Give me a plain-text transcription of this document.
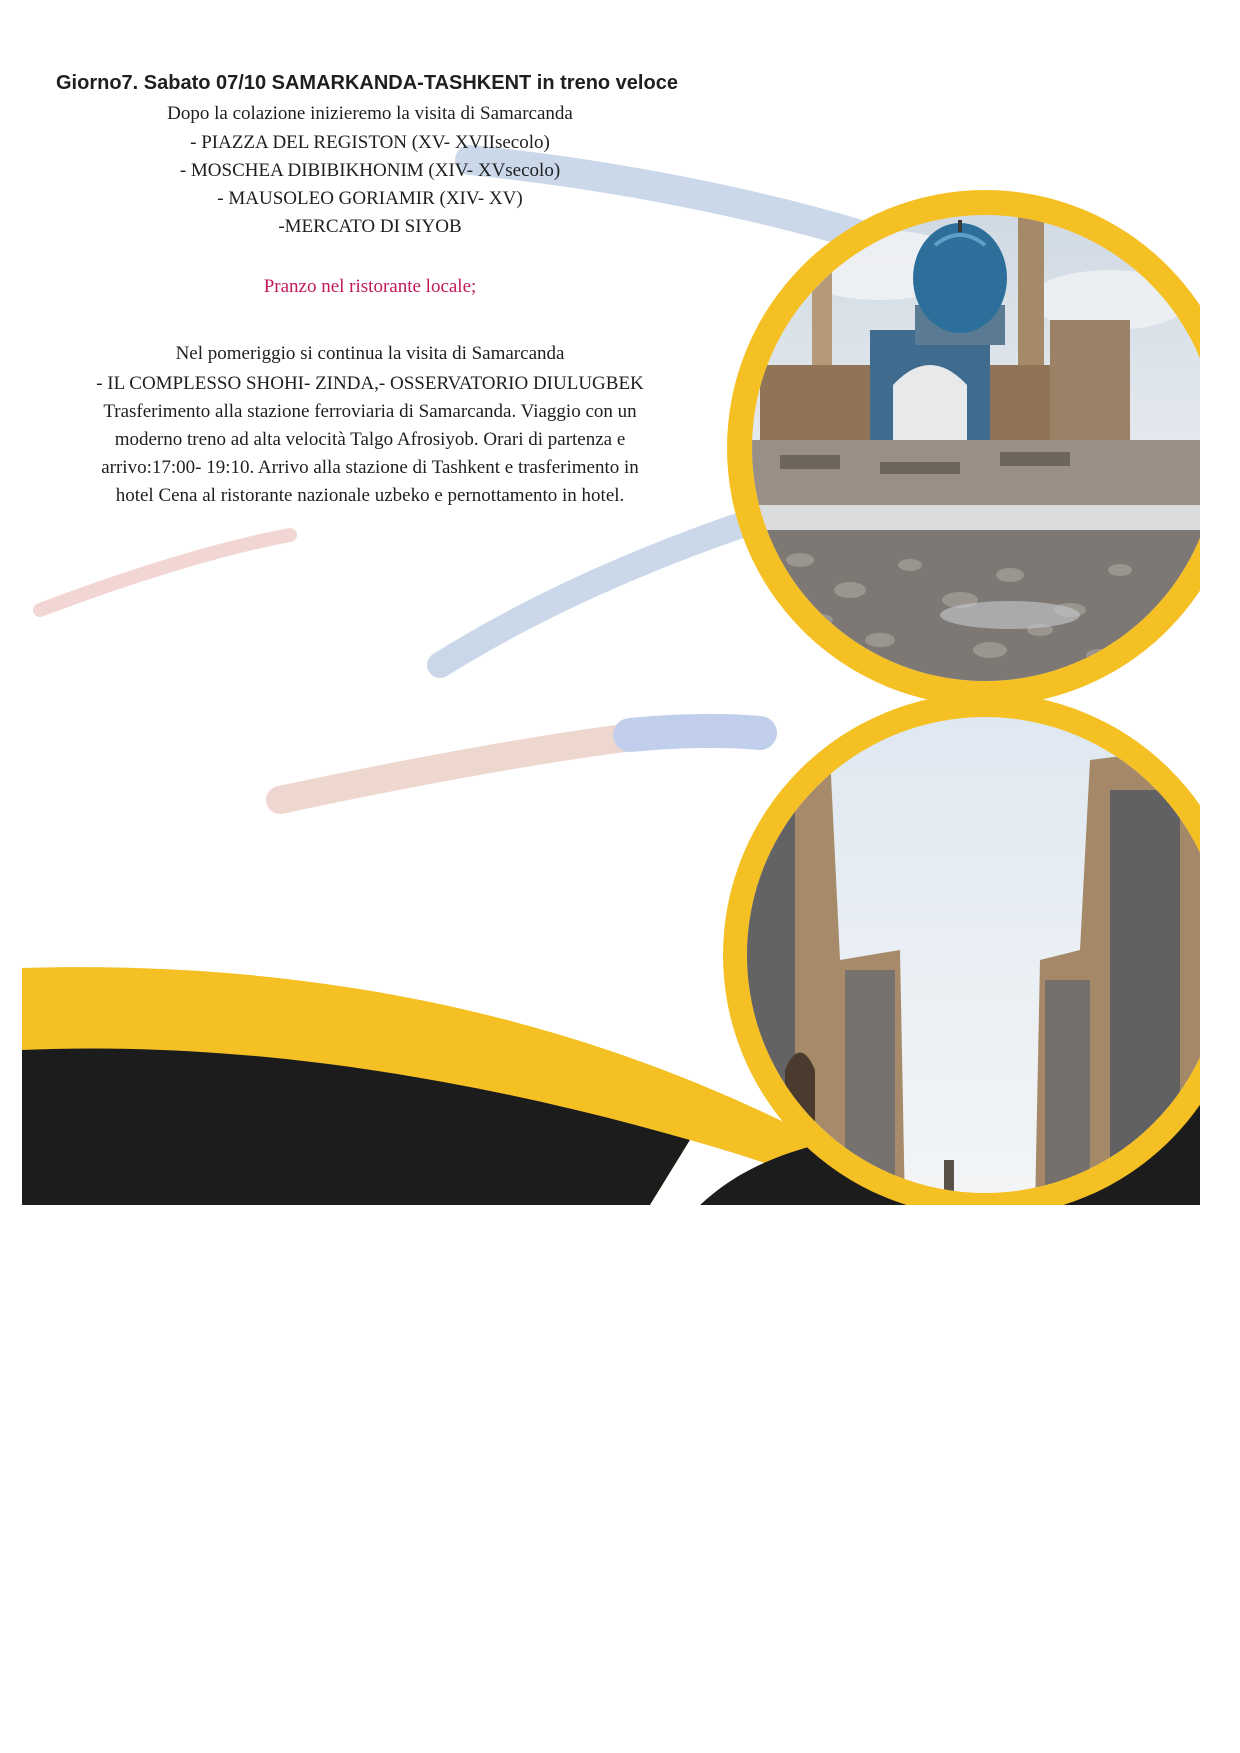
Giorno7. Sabato 07/10 SAMARKANDA-TASHKENT in treno veloce
Dopo la colazione inizieremo la visita di Samarcanda
- PIAZZA DEL REGISTON (XV- XVIIsecolo)
- MOSCHEA DIBIBIKHONIM (XIV- XVsecolo)
- MAUSOLEO GORIAMIR (XIV- XV)
-MERCATO DI SIYOB
Pranzo nel ristorante locale;
Nel pomeriggio si continua la visita di Samarcanda
- IL COMPLESSO SHOHI- ZINDA,- OSSERVATORIO DIULUGBEK
Trasferimento alla stazione ferroviaria di Samarcanda. Viaggio con un
moderno treno ad alta velocità Talgo Afrosiyob. Orari di partenza e
arrivo:17:00- 19:10. Arrivo alla stazione di Tashkent e trasferimento in
hotel Cena al ristorante nazionale uzbeko e pernottamento in hotel.
